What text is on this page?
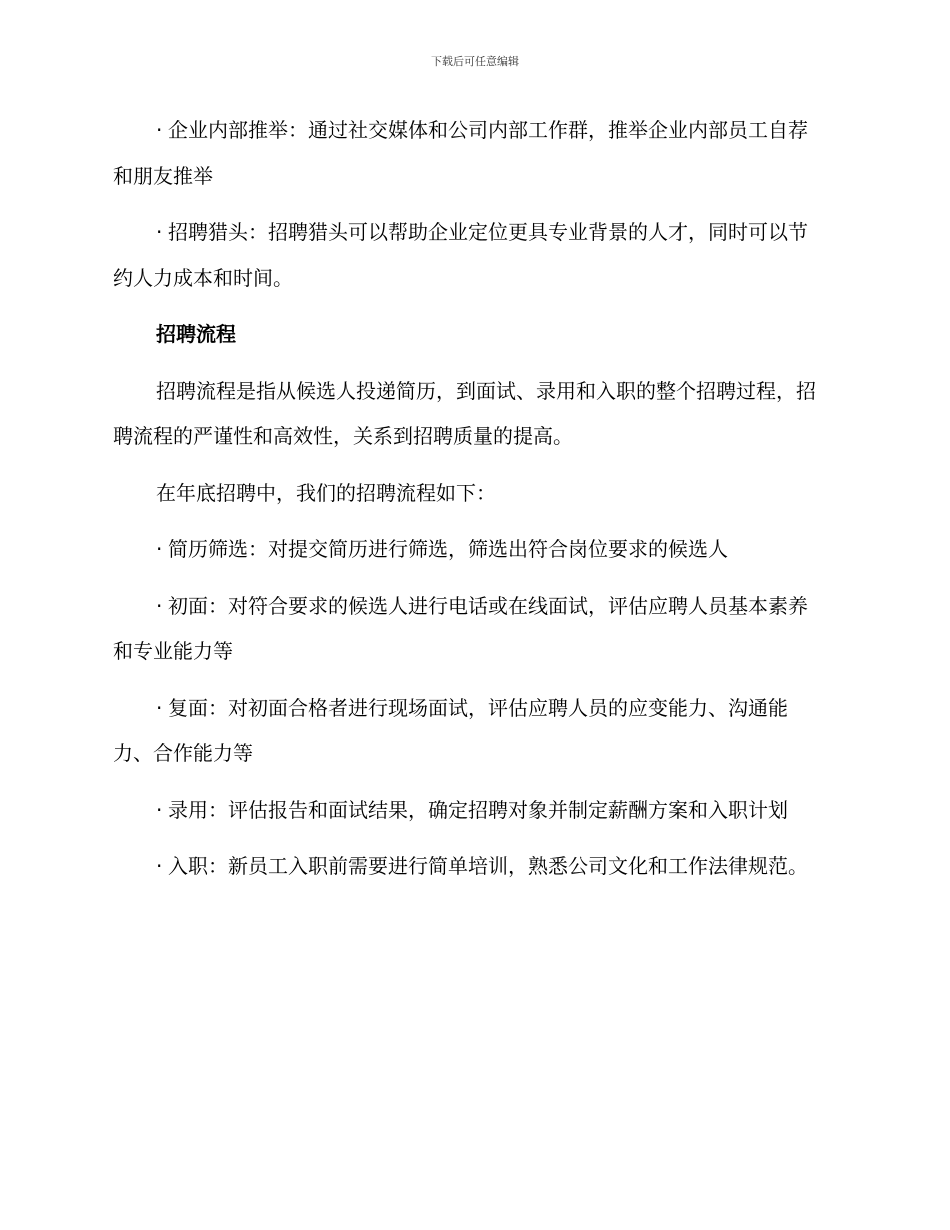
下载后可任意编辑

· 企业内部推举：通过社交媒体和公司内部工作群，推举企业内部员工自荐和朋友推举

· 招聘猎头：招聘猎头可以帮助企业定位更具专业背景的人才，同时可以节约人力成本和时间。

招聘流程

招聘流程是指从候选人投递简历，到面试、录用和入职的整个招聘过程，招聘流程的严谨性和高效性，关系到招聘质量的提高。

在年底招聘中，我们的招聘流程如下：

· 简历筛选：对提交简历进行筛选，筛选出符合岗位要求的候选人

· 初面：对符合要求的候选人进行电话或在线面试，评估应聘人员基本素养和专业能力等

· 复面：对初面合格者进行现场面试，评估应聘人员的应变能力、沟通能力、合作能力等

· 录用：评估报告和面试结果，确定招聘对象并制定薪酬方案和入职计划

· 入职：新员工入职前需要进行简单培训，熟悉公司文化和工作法律规范。
